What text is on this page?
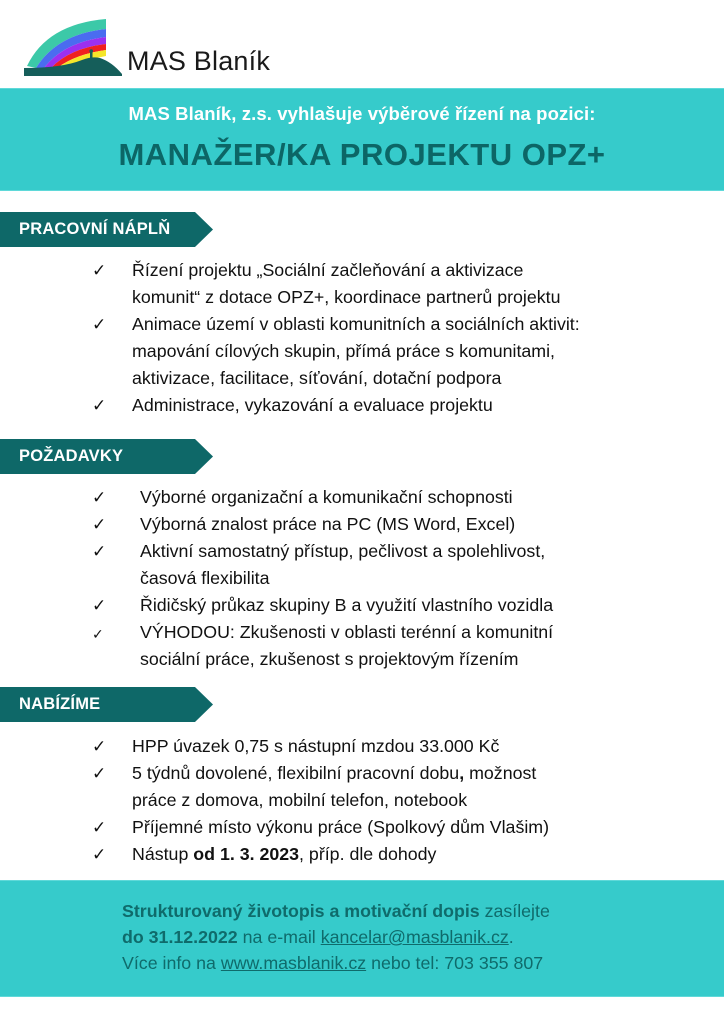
MAS Blaník
MAS Blaník, z.s. vyhlašuje výběrové řízení na pozici:
MANAŽER/KA PROJEKTU OPZ+
PRACOVNÍ NÁPLŇ
✓	Řízení projektu „Sociální začleňování a aktivizace
komunit“ z dotace OPZ+, koordinace partnerů projektu
✓	Animace území v oblasti komunitních a sociálních aktivit:
mapování cílových skupin, přímá práce s komunitami,
aktivizace, facilitace, síťování, dotační podpora
✓	Administrace, vykazování a evaluace projektu
POŽADAVKY
✓	Výborné organizační a komunikační schopnosti
✓	Výborná znalost práce na PC (MS Word, Excel)
✓	Aktivní samostatný přístup, pečlivost a spolehlivost,
časová flexibilita
✓	Řidičský průkaz skupiny B a využití vlastního vozidla
✓	VÝHODOU: Zkušenosti v oblasti terénní a komunitní
sociální práce, zkušenost s projektovým řízením
NABÍZÍME
✓	HPP úvazek 0,75 s nástupní mzdou 33.000 Kč
✓	5 týdnů dovolené, flexibilní pracovní dobu, možnost
práce z domova, mobilní telefon, notebook
✓	Příjemné místo výkonu práce (Spolkový dům Vlašim)
✓	Nástup od 1. 3. 2023, příp. dle dohody
Strukturovaný životopis a motivační dopis zasílejte
do 31.12.2022 na e-mail kancelar@masblanik.cz.
Více info na www.masblanik.cz nebo tel: 703 355 807
